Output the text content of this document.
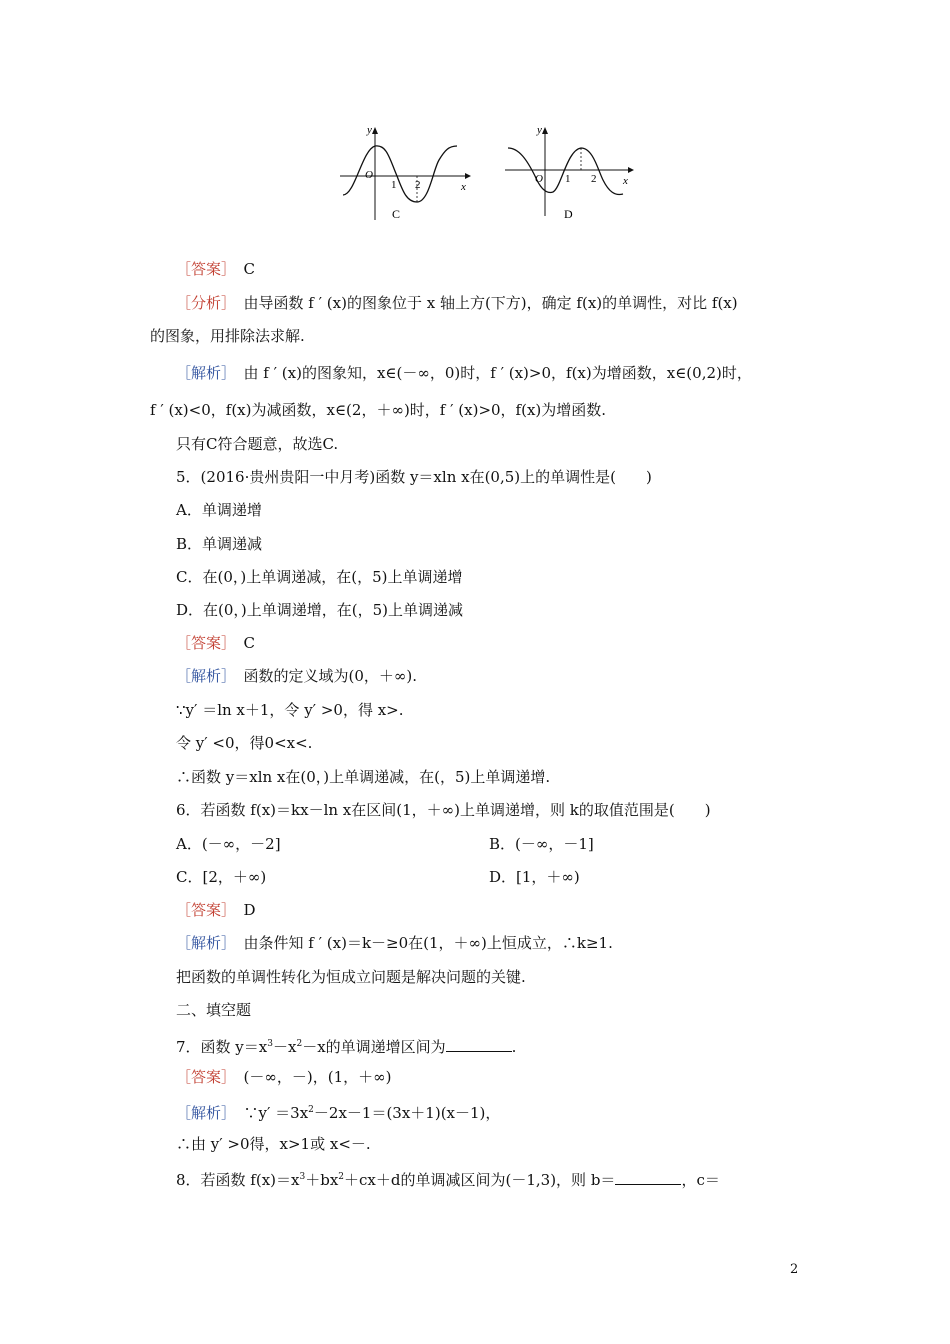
y
x
O
1 2
C
y
x
O 1 2
D
［答案］　C
［分析］　由导函数 f ′ (x)的图象位于 x 轴上方(下方)，确定 f(x)的单调性，对比 f(x)
的图象，用排除法求解.
［解析］　由 f ′ (x)的图象知，x∈(－∞，0)时，f ′ (x)>0，f(x)为增函数，x∈(0,2)时，
f ′ (x)<0，f(x)为减函数，x∈(2，＋∞)时，f ′ (x)>0，f(x)为增函数.
只有C符合题意，故选C.
5．(2016·贵州贵阳一中月考)函数 y＝xln x在(0,5)上的单调性是(　　)
A．单调递增
B．单调递减
C．在(0，)上单调递减，在(，5)上单调递增
D．在(0，)上单调递增，在(，5)上单调递减
［答案］　C
［解析］　函数的定义域为(0，＋∞).
∵y′ ＝ln x＋1，令 y′ >0，得 x>.
令 y′ <0，得0<x<.
∴函数 y＝xln x在(0，)上单调递减，在(，5)上单调递增.
6．若函数 f(x)＝kx－ln x在区间(1，＋∞)上单调递增，则 k的取值范围是(　　)
A．(－∞，－2]	B．(－∞，－1]
C．[2，＋∞)	D．[1，＋∞)
［答案］　D
［解析］　由条件知 f ′ (x)＝k－≥0在(1，＋∞)上恒成立，∴k≥1.
把函数的单调性转化为恒成立问题是解决问题的关键.
二、填空题
7．函数 $y=x^3-x^2-x$的单调递增区间为	.
［答案］　(－∞，－)，(1，＋∞)
［解析］　∵y′ $=3x^2-2x-1=(3x+1)(x-1)$，
∴由 y′ >0得，x>1或 x<－.
8．若函数 $f(x)=x^3+bx^2+cx+d$的单调减区间为(－1,3)，则 b＝	，c＝
2
